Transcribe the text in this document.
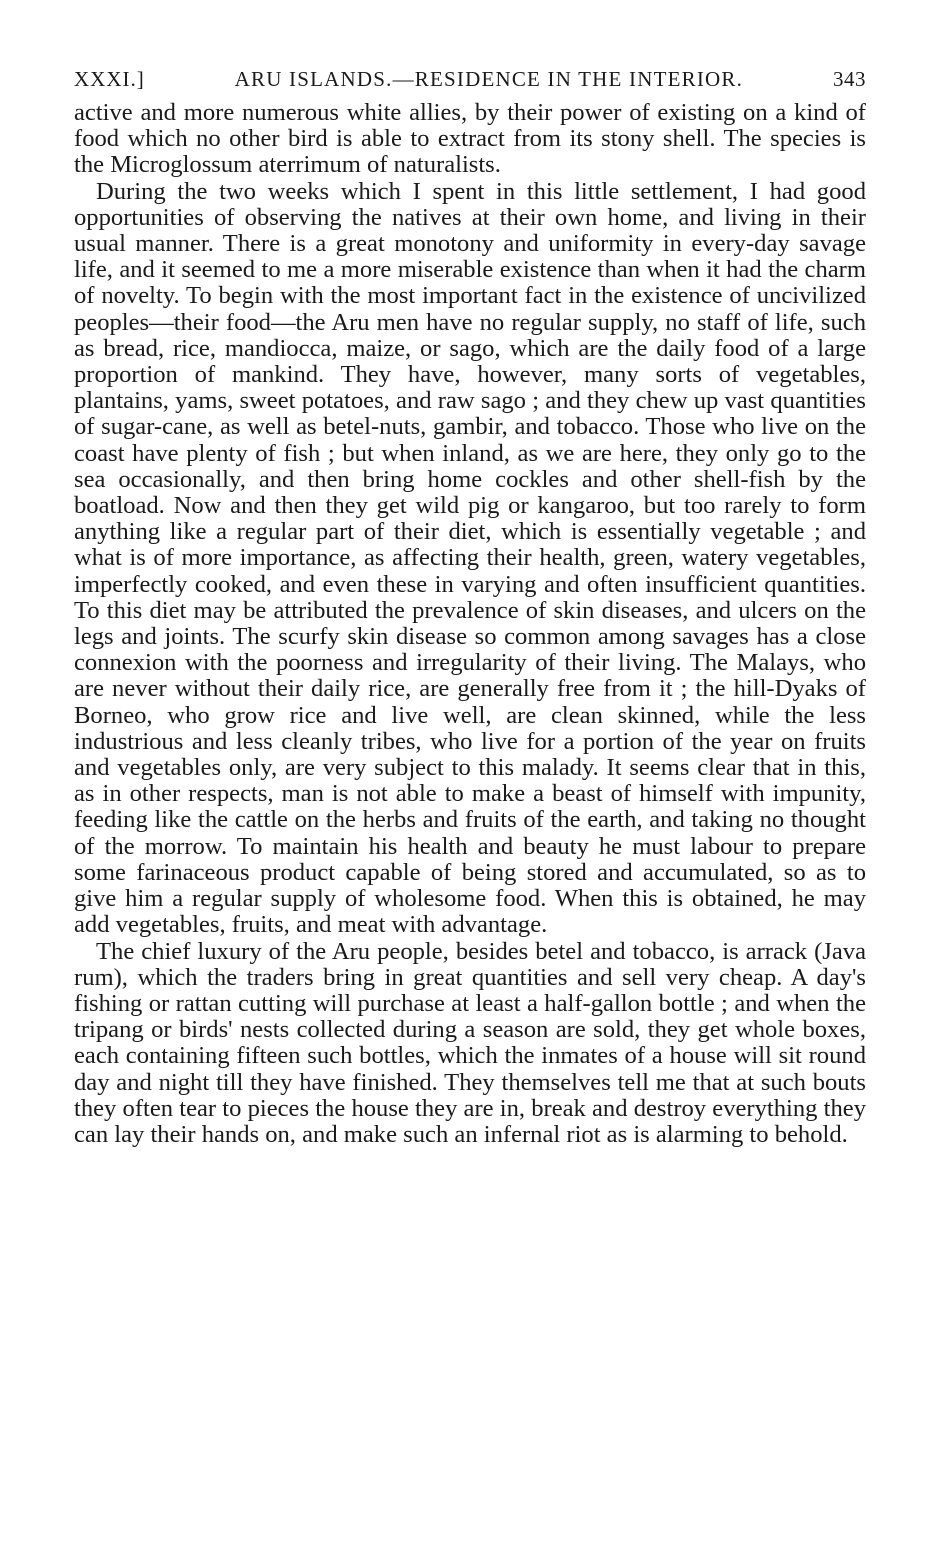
XXXI.]	ARU ISLANDS.—RESIDENCE IN THE INTERIOR.	343

active and more numerous white allies, by their power of existing on a kind of food which no other bird is able to extract from its stony shell. The species is the Microglossum aterrimum of naturalists.

During the two weeks which I spent in this little settlement, I had good opportunities of observing the natives at their own home, and living in their usual manner. There is a great monotony and uniformity in every-day savage life, and it seemed to me a more miserable existence than when it had the charm of novelty. To begin with the most important fact in the existence of uncivilized peoples—their food—the Aru men have no regular supply, no staff of life, such as bread, rice, mandiocca, maize, or sago, which are the daily food of a large proportion of mankind. They have, however, many sorts of vegetables, plantains, yams, sweet potatoes, and raw sago ; and they chew up vast quantities of sugar-cane, as well as betel-nuts, gambir, and tobacco. Those who live on the coast have plenty of fish ; but when inland, as we are here, they only go to the sea occasionally, and then bring home cockles and other shell-fish by the boatload. Now and then they get wild pig or kangaroo, but too rarely to form anything like a regular part of their diet, which is essentially vegetable ; and what is of more importance, as affecting their health, green, watery vegetables, imperfectly cooked, and even these in varying and often insufficient quantities. To this diet may be attributed the prevalence of skin diseases, and ulcers on the legs and joints. The scurfy skin disease so common among savages has a close connexion with the poorness and irregularity of their living. The Malays, who are never without their daily rice, are generally free from it ; the hill-Dyaks of Borneo, who grow rice and live well, are clean skinned, while the less industrious and less cleanly tribes, who live for a portion of the year on fruits and vegetables only, are very subject to this malady. It seems clear that in this, as in other respects, man is not able to make a beast of himself with impunity, feeding like the cattle on the herbs and fruits of the earth, and taking no thought of the morrow. To maintain his health and beauty he must labour to prepare some farinaceous product capable of being stored and accumulated, so as to give him a regular supply of wholesome food. When this is obtained, he may add vegetables, fruits, and meat with advantage.

The chief luxury of the Aru people, besides betel and tobacco, is arrack (Java rum), which the traders bring in great quantities and sell very cheap. A day's fishing or rattan cutting will purchase at least a half-gallon bottle ; and when the tripang or birds' nests collected during a season are sold, they get whole boxes, each containing fifteen such bottles, which the inmates of a house will sit round day and night till they have finished. They themselves tell me that at such bouts they often tear to pieces the house they are in, break and destroy everything they can lay their hands on, and make such an infernal riot as is alarming to behold.
